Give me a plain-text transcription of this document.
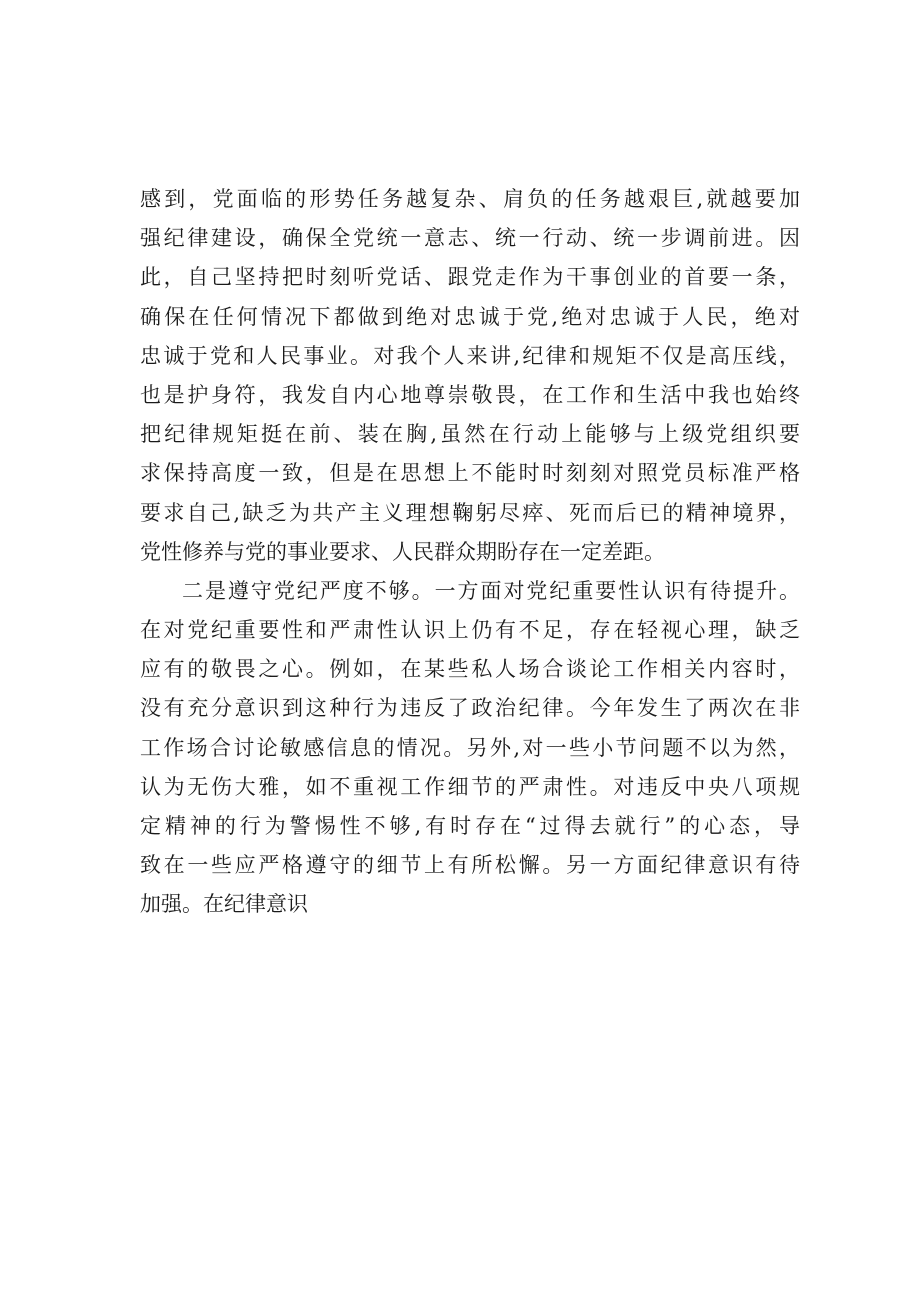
感到，党面临的形势任务越复杂、肩负的任务越艰巨,就越要加
强纪律建设，确保全党统一意志、统一行动、统一步调前进。因
此，自己坚持把时刻听党话、跟党走作为干事创业的首要一条，
确保在任何情况下都做到绝对忠诚于党,绝对忠诚于人民，绝对
忠诚于党和人民事业。对我个人来讲,纪律和规矩不仅是高压线，
也是护身符，我发自内心地尊崇敬畏，在工作和生活中我也始终
把纪律规矩挺在前、装在胸,虽然在行动上能够与上级党组织要
求保持高度一致，但是在思想上不能时时刻刻对照党员标准严格
要求自己,缺乏为共产主义理想鞠躬尽瘁、死而后已的精神境界，
党性修养与党的事业要求、人民群众期盼存在一定差距。
二是遵守党纪严度不够。一方面对党纪重要性认识有待提升。
在对党纪重要性和严肃性认识上仍有不足，存在轻视心理，缺乏
应有的敬畏之心。例如，在某些私人场合谈论工作相关内容时，
没有充分意识到这种行为违反了政治纪律。今年发生了两次在非
工作场合讨论敏感信息的情况。另外,对一些小节问题不以为然，
认为无伤大雅，如不重视工作细节的严肃性。对违反中央八项规
定精神的行为警惕性不够,有时存在“过得去就行”的心态，导
致在一些应严格遵守的细节上有所松懈。另一方面纪律意识有待
加强。在纪律意识
